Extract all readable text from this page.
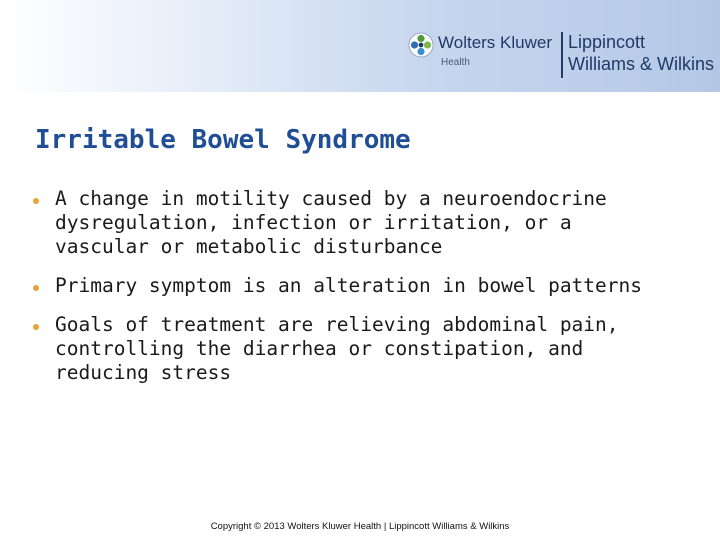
Wolters Kluwer
Health
Lippincott
Williams & Wilkins
Irritable Bowel Syndrome
A change in motility caused by a neuroendocrine dysregulation, infection or irritation, or a vascular or metabolic disturbance
Primary symptom is an alteration in bowel patterns
Goals of treatment are relieving abdominal pain, controlling the diarrhea or constipation, and reducing stress
Copyright © 2013 Wolters Kluwer Health | Lippincott Williams & Wilkins
